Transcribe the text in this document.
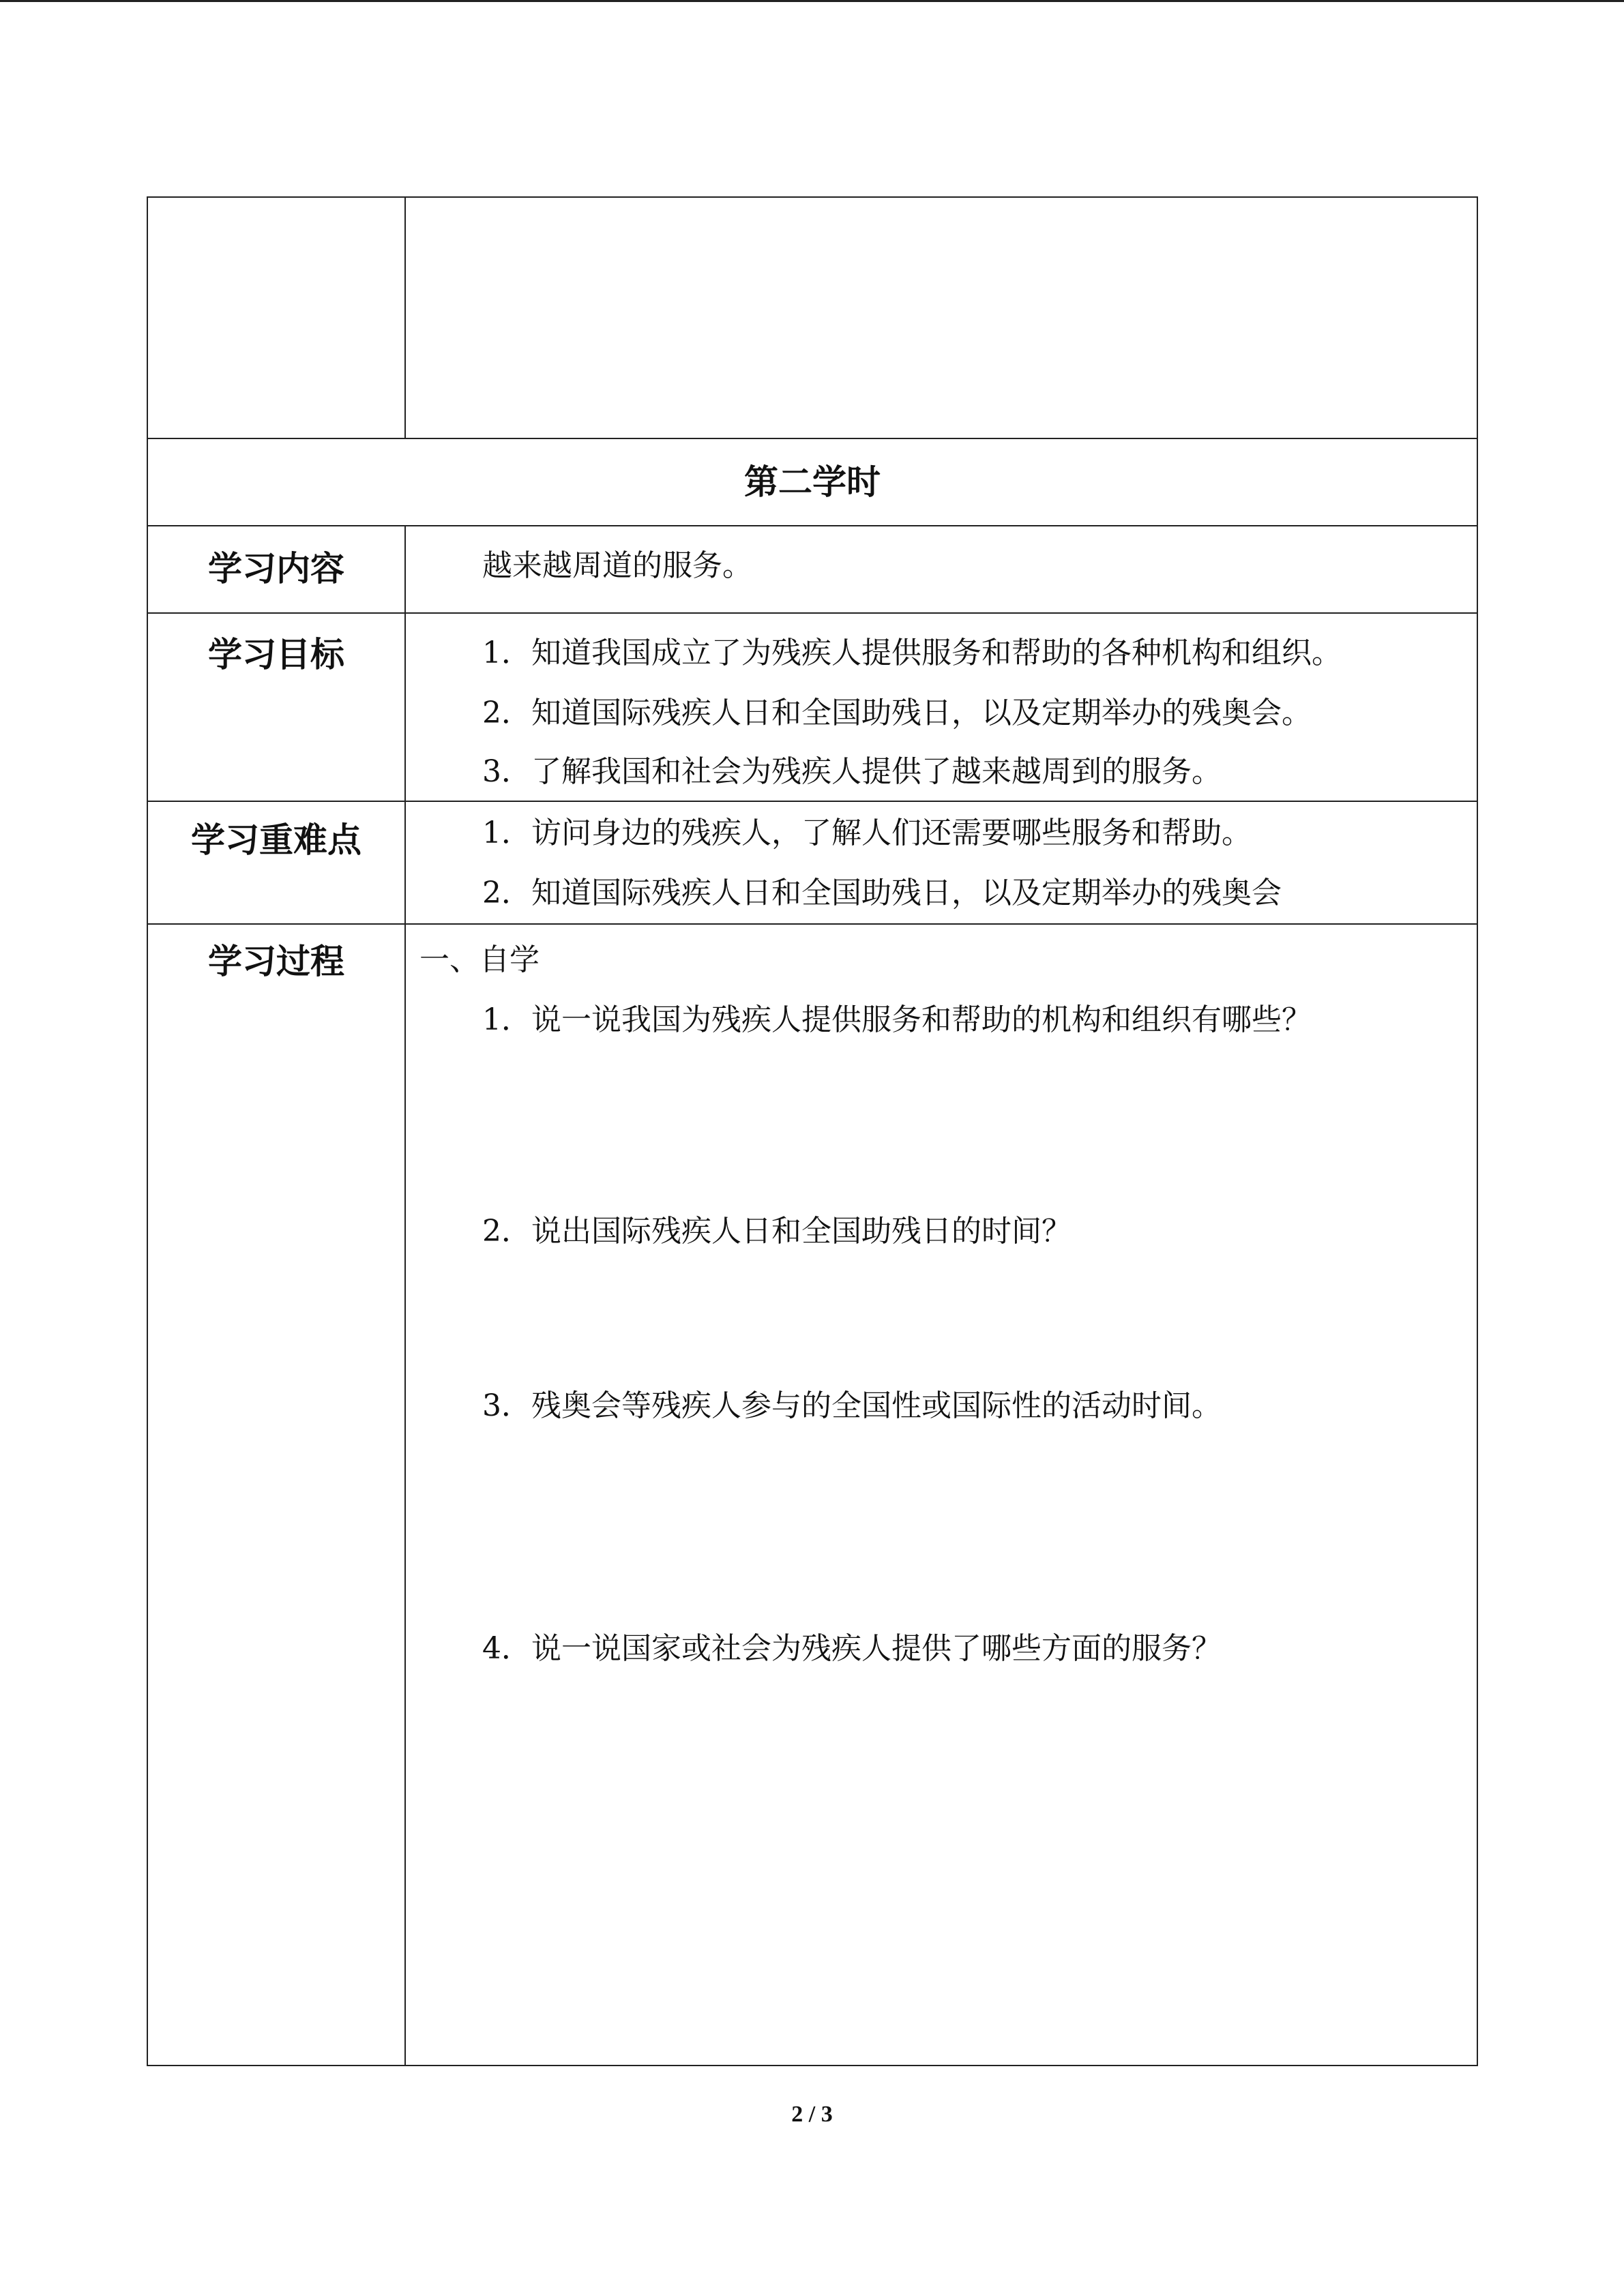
第二学时	

学习内容	越来越周道的服务。

学习目标	1．知道我国成立了为残疾人提供服务和帮助的各种机构和组织。
2．知道国际残疾人日和全国助残日，以及定期举办的残奥会。
3．了解我国和社会为残疾人提供了越来越周到的服务。

学习重难点	1．访问身边的残疾人，了解人们还需要哪些服务和帮助。
2．知道国际残疾人日和全国助残日，以及定期举办的残奥会

学习过程	一、自学
1．说一说我国为残疾人提供服务和帮助的机构和组织有哪些？
2．说出国际残疾人日和全国助残日的时间？
3．残奥会等残疾人参与的全国性或国际性的活动时间。
4．说一说国家或社会为残疾人提供了哪些方面的服务？
2 / 3
